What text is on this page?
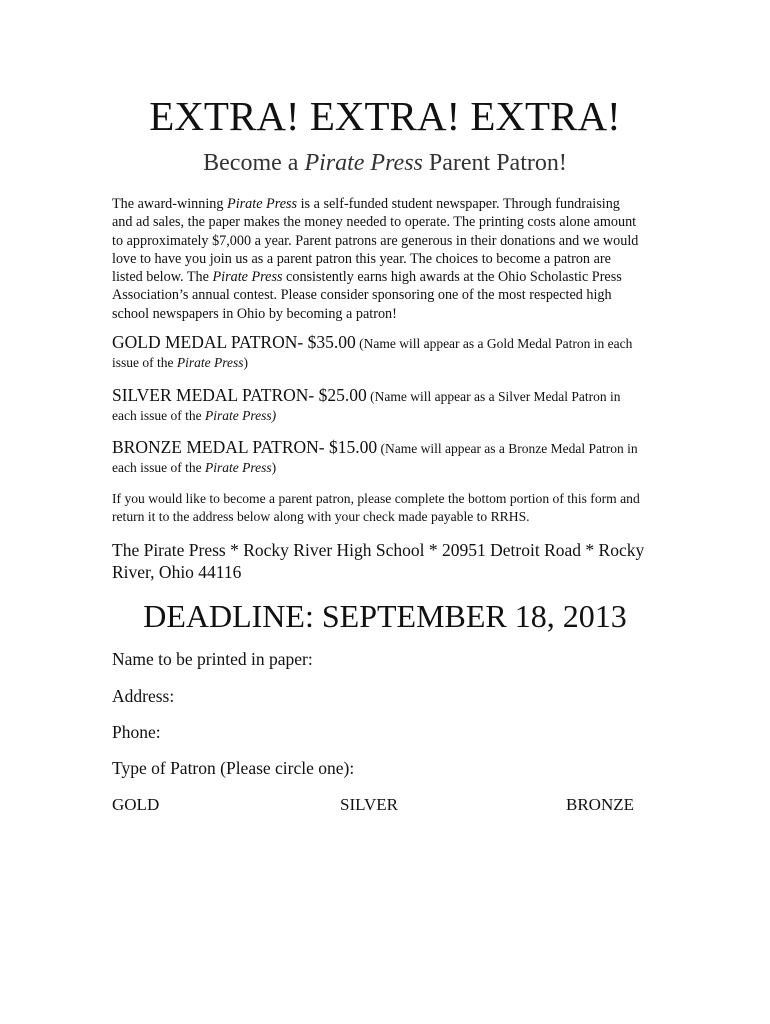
EXTRA! EXTRA! EXTRA!
Become a Pirate Press Parent Patron!
The award-winning Pirate Press is a self-funded student newspaper. Through fundraising
and ad sales, the paper makes the money needed to operate. The printing costs alone amount
to approximately $7,000 a year. Parent patrons are generous in their donations and we would
love to have you join us as a parent patron this year. The choices to become a patron are
listed below. The Pirate Press consistently earns high awards at the Ohio Scholastic Press
Association’s annual contest. Please consider sponsoring one of the most respected high
school newspapers in Ohio by becoming a patron!
GOLD MEDAL PATRON- $35.00 (Name will appear as a Gold Medal Patron in each
issue of the Pirate Press)
SILVER MEDAL PATRON- $25.00 (Name will appear as a Silver Medal Patron in
each issue of the Pirate Press)
BRONZE MEDAL PATRON- $15.00 (Name will appear as a Bronze Medal Patron in
each issue of the Pirate Press)
If you would like to become a parent patron, please complete the bottom portion of this form and
return it to the address below along with your check made payable to RRHS.
The Pirate Press * Rocky River High School * 20951 Detroit Road * Rocky
River, Ohio 44116
DEADLINE: SEPTEMBER 18, 2013
Name to be printed in paper:
Address:
Phone:
Type of Patron (Please circle one):
GOLD	SILVER	BRONZE
